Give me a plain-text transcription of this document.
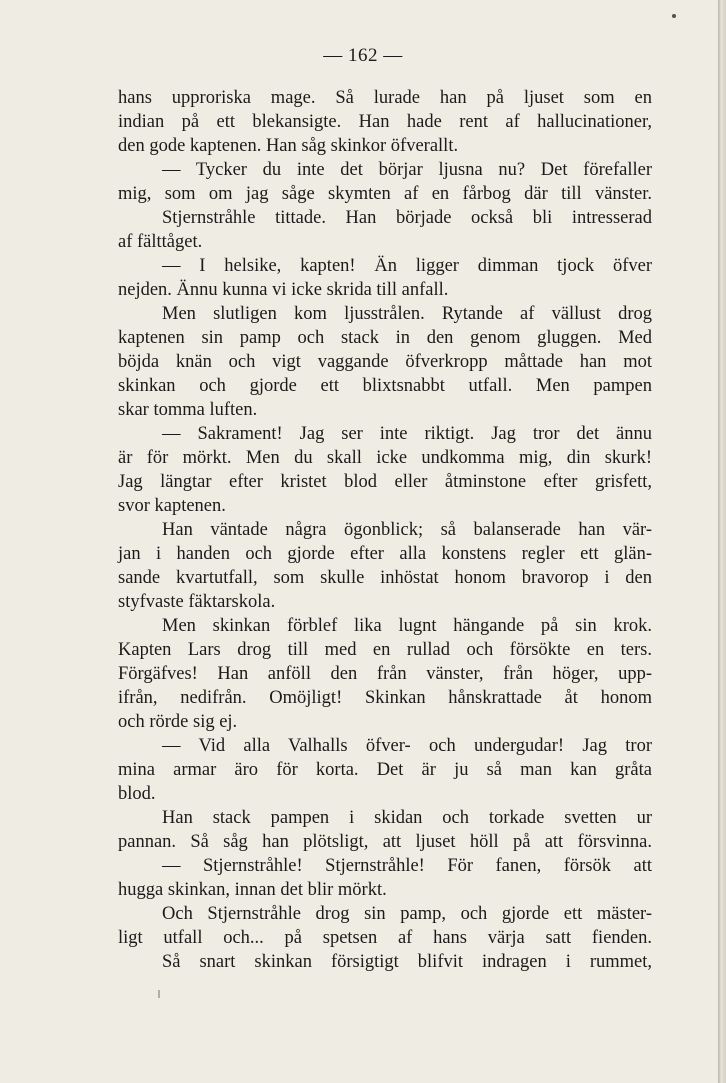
— 162 —
hans upproriska mage. Så lurade han på ljuset som en
indian på ett blekansigte. Han hade rent af hallucinationer,
den gode kaptenen. Han såg skinkor öfverallt.
— Tycker du inte det börjar ljusna nu? Det förefaller
mig, som om jag såge skymten af en fårbog där till vänster.
Stjernstråhle tittade. Han började också bli intresserad
af fälttåget.
— I helsike, kapten! Än ligger dimman tjock öfver
nejden. Ännu kunna vi icke skrida till anfall.
Men slutligen kom ljusstrålen. Rytande af vällust drog
kaptenen sin pamp och stack in den genom gluggen. Med
böjda knän och vigt vaggande öfverkropp måttade han mot
skinkan och gjorde ett blixtsnabbt utfall. Men pampen
skar tomma luften.
— Sakrament! Jag ser inte riktigt. Jag tror det ännu
är för mörkt. Men du skall icke undkomma mig, din skurk!
Jag längtar efter kristet blod eller åtminstone efter grisfett,
svor kaptenen.
Han väntade några ögonblick; så balanserade han vär-
jan i handen och gjorde efter alla konstens regler ett glän-
sande kvartutfall, som skulle inhöstat honom bravorop i den
styfvaste fäktarskola.
Men skinkan förblef lika lugnt hängande på sin krok.
Kapten Lars drog till med en rullad och försökte en ters.
Förgäfves! Han anföll den från vänster, från höger, upp-
ifrån, nedifrån. Omöjligt! Skinkan hånskrattade åt honom
och rörde sig ej.
— Vid alla Valhalls öfver- och undergudar! Jag tror
mina armar äro för korta. Det är ju så man kan gråta
blod.
Han stack pampen i skidan och torkade svetten ur
pannan. Så såg han plötsligt, att ljuset höll på att försvinna.
— Stjernstråhle! Stjernstråhle! För fanen, försök att
hugga skinkan, innan det blir mörkt.
Och Stjernstråhle drog sin pamp, och gjorde ett mäster-
ligt utfall och... på spetsen af hans värja satt fienden.
Så snart skinkan försigtigt blifvit indragen i rummet,
